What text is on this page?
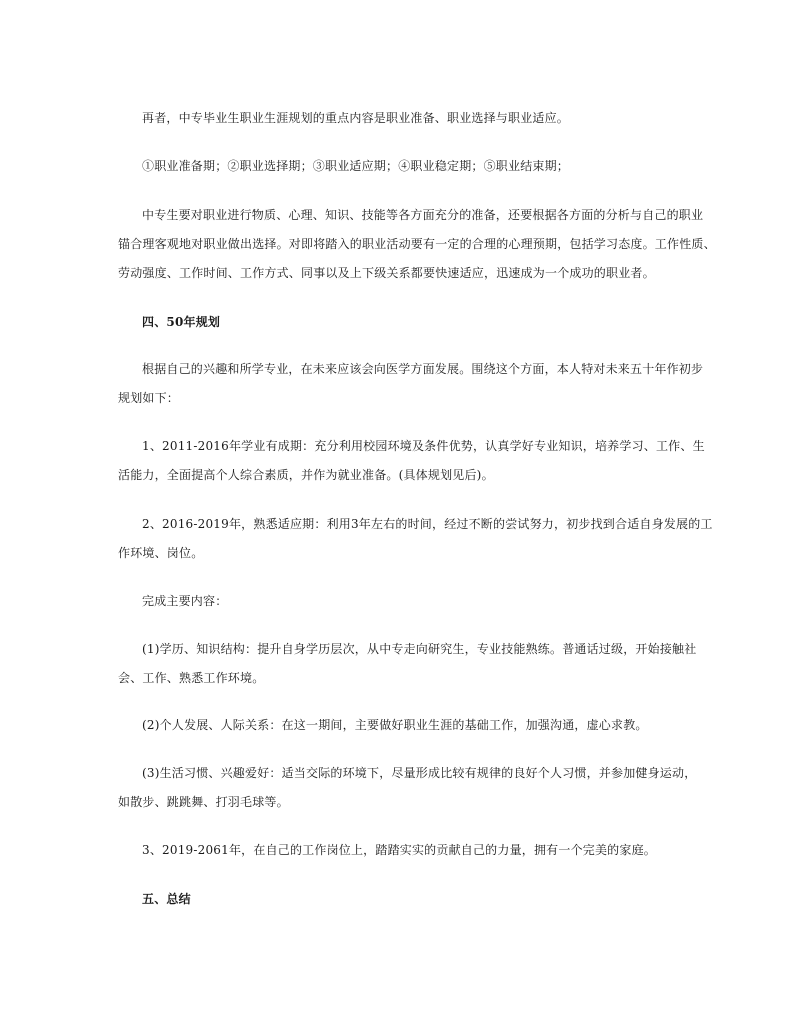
再者，中专毕业生职业生涯规划的重点内容是职业准备、职业选择与职业适应。
①职业准备期；②职业选择期；③职业适应期；④职业稳定期；⑤职业结束期；
中专生要对职业进行物质、心理、知识、技能等各方面充分的准备，还要根据各方面的分析与自己的职业
锚合理客观地对职业做出选择。对即将踏入的职业活动要有一定的合理的心理预期，包括学习态度。工作性质、
劳动强度、工作时间、工作方式、同事以及上下级关系都要快速适应，迅速成为一个成功的职业者。
四、50年规划
根据自己的兴趣和所学专业，在未来应该会向医学方面发展。围绕这个方面，本人特对未来五十年作初步
规划如下：
1、2011-2016年学业有成期：充分利用校园环境及条件优势，认真学好专业知识，培养学习、工作、生
活能力，全面提高个人综合素质，并作为就业准备。(具体规划见后)。
2、2016-2019年，熟悉适应期：利用3年左右的时间，经过不断的尝试努力，初步找到合适自身发展的工
作环境、岗位。
完成主要内容：
(1)学历、知识结构：提升自身学历层次，从中专走向研究生，专业技能熟练。普通话过级，开始接触社
会、工作、熟悉工作环境。
(2)个人发展、人际关系：在这一期间，主要做好职业生涯的基础工作，加强沟通，虚心求教。
(3)生活习惯、兴趣爱好：适当交际的环境下，尽量形成比较有规律的良好个人习惯，并参加健身运动，
如散步、跳跳舞、打羽毛球等。
3、2019-2061年，在自己的工作岗位上，踏踏实实的贡献自己的力量，拥有一个完美的家庭。
五、总结
